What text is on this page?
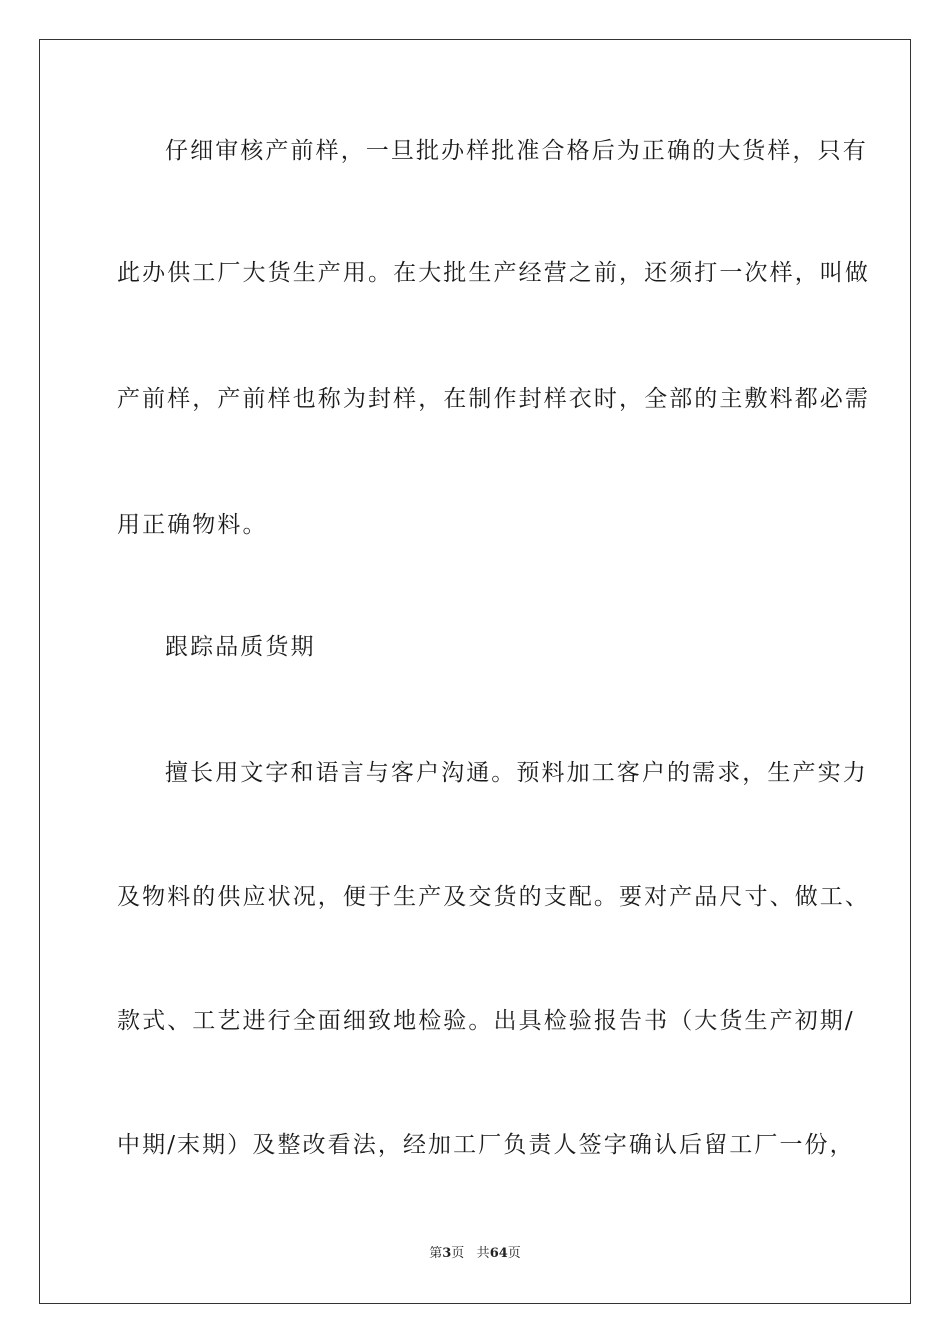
仔细审核产前样，一旦批办样批准合格后为正确的大货样，只有
此办供工厂大货生产用。在大批生产经营之前，还须打一次样，叫做
产前样，产前样也称为封样，在制作封样衣时，全部的主敷料都必需
用正确物料。
跟踪品质货期
擅长用文字和语言与客户沟通。预料加工客户的需求，生产实力
及物料的供应状况，便于生产及交货的支配。要对产品尺寸、做工、
款式、工艺进行全面细致地检验。出具检验报告书（大货生产初期/
中期/末期）及整改看法，经加工厂负责人签字确认后留工厂一份，
第3页 共64页
